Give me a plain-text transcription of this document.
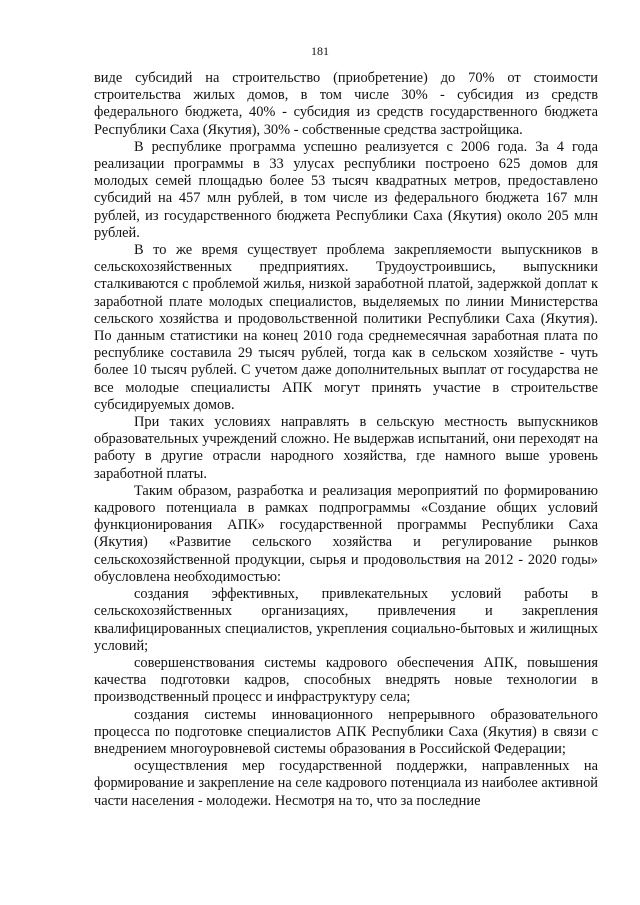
181

виде субсидий на строительство (приобретение) до 70% от стоимости строительства жилых домов, в том числе 30% - субсидия из средств федерального бюджета, 40% - субсидия из средств государственного бюджета Республики Саха (Якутия), 30% - собственные средства застройщика.

В республике программа успешно реализуется с 2006 года. За 4 года реализации программы в 33 улусах республики построено 625 домов для молодых семей площадью более 53 тысяч квадратных метров, предоставлено субсидий на 457 млн рублей, в том числе из федерального бюджета 167 млн рублей, из государственного бюджета Республики Саха (Якутия) около 205 млн рублей.

В то же время существует проблема закрепляемости выпускников в сельскохозяйственных предприятиях. Трудоустроившись, выпускники сталкиваются с проблемой жилья, низкой заработной платой, задержкой доплат к заработной плате молодых специалистов, выделяемых по линии Министерства сельского хозяйства и продовольственной политики Республики Саха (Якутия). По данным статистики на конец 2010 года среднемесячная заработная плата по республике составила 29 тысяч рублей, тогда как в сельском хозяйстве - чуть более 10 тысяч рублей. С учетом даже дополнительных выплат от государства не все молодые специалисты АПК могут принять участие в строительстве субсидируемых домов.

При таких условиях направлять в сельскую местность выпускников образовательных учреждений сложно. Не выдержав испытаний, они переходят на работу в другие отрасли народного хозяйства, где намного выше уровень заработной платы.

Таким образом, разработка и реализация мероприятий по формированию кадрового потенциала в рамках подпрограммы «Создание общих условий функционирования АПК» государственной программы Республики Саха (Якутия) «Развитие сельского хозяйства и регулирование рынков сельскохозяйственной продукции, сырья и продовольствия на 2012 - 2020 годы» обусловлена необходимостью:

создания эффективных, привлекательных условий работы в сельскохозяйственных организациях, привлечения и закрепления квалифицированных специалистов, укрепления социально-бытовых и жилищных условий;

совершенствования системы кадрового обеспечения АПК, повышения качества подготовки кадров, способных внедрять новые технологии в производственный процесс и инфраструктуру села;

создания системы инновационного непрерывного образовательного процесса по подготовке специалистов АПК Республики Саха (Якутия) в связи с внедрением многоуровневой системы образования в Российской Федерации;

осуществления мер государственной поддержки, направленных на формирование и закрепление на селе кадрового потенциала из наиболее активной части населения - молодежи. Несмотря на то, что за последние
